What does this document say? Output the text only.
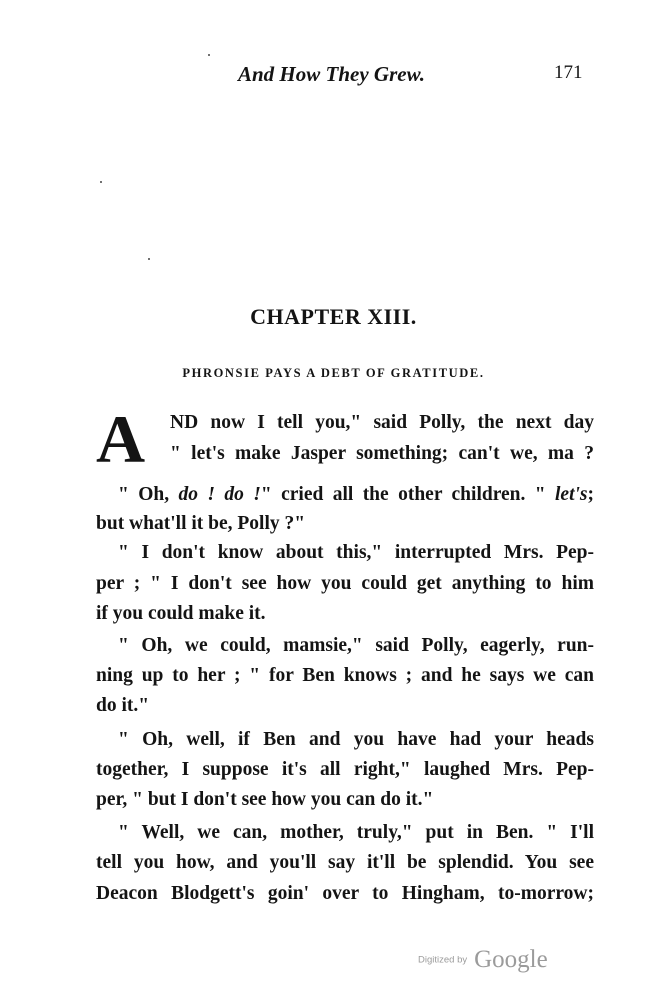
And How They Grew.	171
CHAPTER XIII.
PHRONSIE PAYS A DEBT OF GRATITUDE.
A ND now I tell you," said Polly, the next day
" let's make Jasper something; can't we, ma ?
" Oh, do ! do !" cried all the other children. " let's;
but what'll it be, Polly ?"
" I don't know about this," interrupted Mrs. Pep-
per ; " I don't see how you could get anything to him
if you could make it.
" Oh, we could, mamsie," said Polly, eagerly, run-
ning up to her ; " for Ben knows ; and he says we can
do it."
" Oh, well, if Ben and you have had your heads
together, I suppose it's all right," laughed Mrs. Pep-
per, " but I don't see how you can do it."
" Well, we can, mother, truly," put in Ben. " I'll
tell you how, and you'll say it'll be splendid. You see
Deacon Blodgett's goin' over to Hingham, to-morrow;
Digitized by Google
